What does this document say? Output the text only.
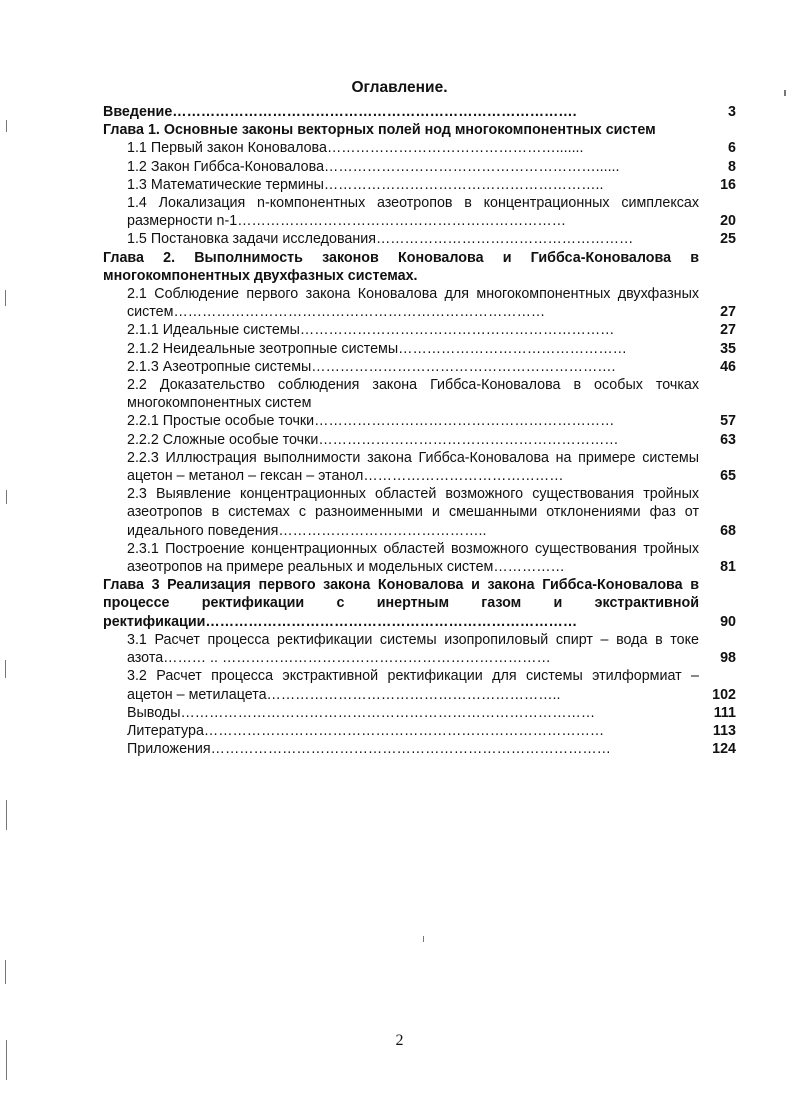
Оглавление.
Введение………………………………………………………………………….	3
Глава 1. Основные законы векторных полей нод многокомпонентных систем
1.1 Первый закон Коновалова………………………………………….......	6
1.2 Закон Гиббса-Коновалова…………………………………………………......	8
1.3 Математические термины…………………………………………………..	16
1.4 Локализация n-компонентных азеотропов в концентрационных симплексах размерности n-1……………………………………………………………	20
1.5 Постановка задачи исследования………………………………………………	25
Глава 2. Выполнимость законов Коновалова и Гиббса-Коновалова в многокомпонентных двухфазных системах.
2.1 Соблюдение первого закона Коновалова для многокомпонентных двухфазных систем……………………………………………………………………	27
2.1.1 Идеальные системы…………………………………………………………	27
2.1.2 Неидеальные зеотропные системы…………………………………………	35
2.1.3 Азеотропные системы……………………………………………………….	46
2.2 Доказательство соблюдения закона Гиббса-Коновалова в особых точках многокомпонентных систем
2.2.1 Простые особые точки………………………………………………………	57
2.2.2 Сложные особые точки………………………………………………………	63
2.2.3 Иллюстрация выполнимости закона Гиббса-Коновалова на примере системы ацетон – метанол – гексан – этанол……………………………………	65
2.3 Выявление концентрационных областей возможного существования тройных азеотропов в системах с разноименными и смешанными отклонениями фаз от идеального поведения……………………………………..	68
2.3.1 Построение концентрационных областей возможного существования тройных азеотропов на примере реальных и модельных систем……………	81
Глава 3 Реализация первого закона Коновалова и закона Гиббса-Коновалова в процессе ректификации с инертным газом и экстрактивной ректификации……………………………………………………………………	90
3.1 Расчет процесса ректификации системы изопропиловый спирт – вода в токе азота……… .. ……………………………………………………………	98
3.2 Расчет процесса экстрактивной ректификации для системы этилформиат – ацетон – метилацета……………………………………………………..	102
Выводы……………………………………………………………………………	111
Литература…………………………………………………………………………	113
Приложения…………………………………………………………………………	124
2
